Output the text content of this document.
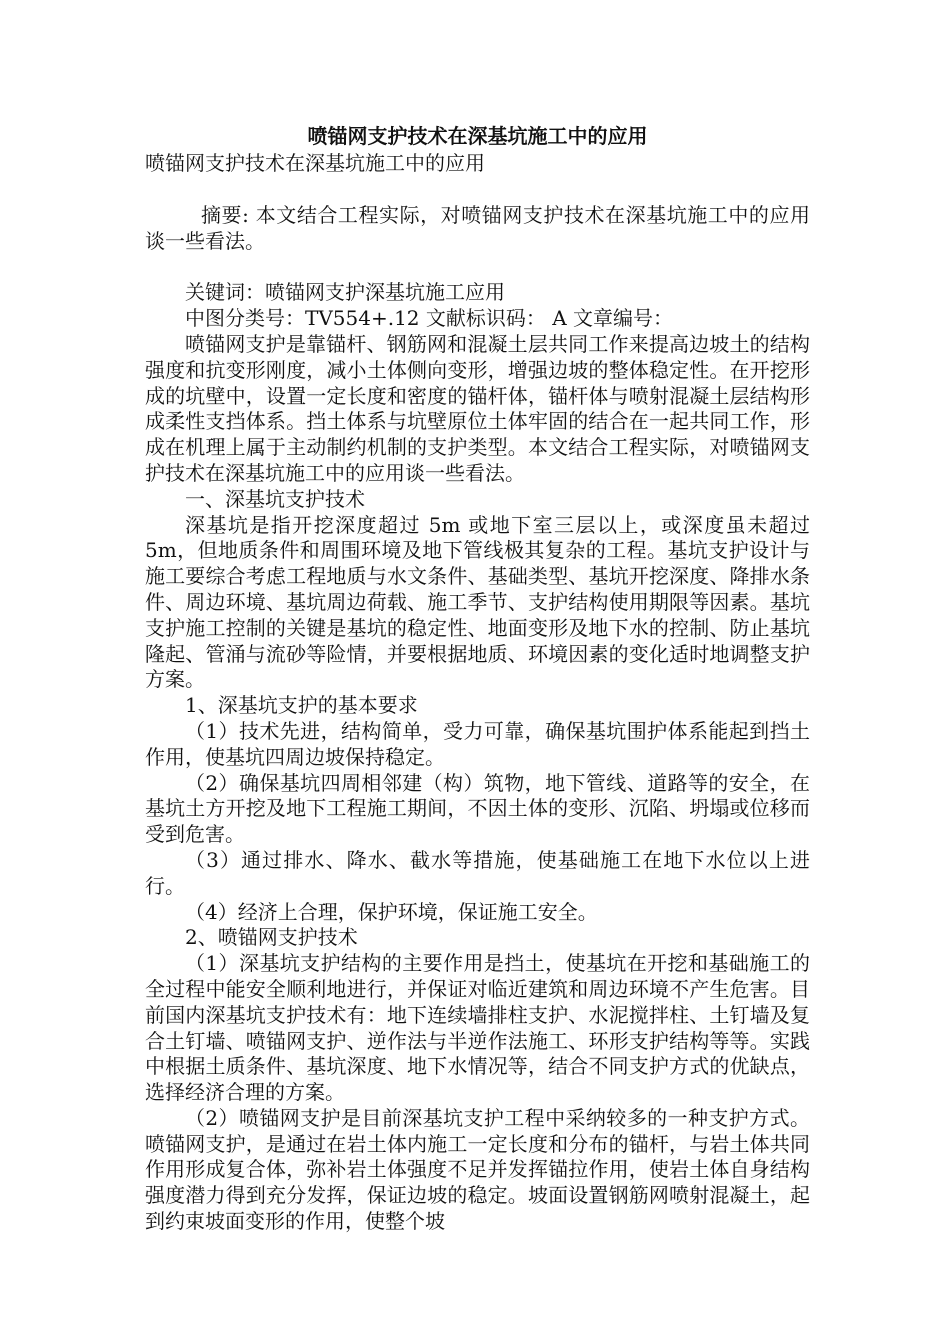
喷锚网支护技术在深基坑施工中的应用

喷锚网支护技术在深基坑施工中的应用

摘要: 本文结合工程实际，对喷锚网支护技术在深基坑施工中的应用谈一些看法。

关键词：喷锚网支护深基坑施工应用

中图分类号：TV554+.12 文献标识码： A 文章编号：

喷锚网支护是靠锚杆、钢筋网和混凝土层共同工作来提高边坡土的结构强度和抗变形刚度，减小土体侧向变形，增强边坡的整体稳定性。在开挖形成的坑壁中，设置一定长度和密度的锚杆体，锚杆体与喷射混凝土层结构形成柔性支挡体系。挡土体系与坑壁原位土体牢固的结合在一起共同工作，形成在机理上属于主动制约机制的支护类型。本文结合工程实际，对喷锚网支护技术在深基坑施工中的应用谈一些看法。

一、深基坑支护技术

深基坑是指开挖深度超过 5m 或地下室三层以上，或深度虽未超过 5m，但地质条件和周围环境及地下管线极其复杂的工程。基坑支护设计与施工要综合考虑工程地质与水文条件、基础类型、基坑开挖深度、降排水条件、周边环境、基坑周边荷载、施工季节、支护结构使用期限等因素。基坑支护施工控制的关键是基坑的稳定性、地面变形及地下水的控制、防止基坑隆起、管涌与流砂等险情，并要根据地质、环境因素的变化适时地调整支护方案。

1、深基坑支护的基本要求

（1）技术先进，结构简单，受力可靠，确保基坑围护体系能起到挡土作用，使基坑四周边坡保持稳定。

（2）确保基坑四周相邻建（构）筑物，地下管线、道路等的安全，在基坑土方开挖及地下工程施工期间，不因土体的变形、沉陷、坍塌或位移而受到危害。

（3）通过排水、降水、截水等措施，使基础施工在地下水位以上进行。

（4）经济上合理，保护环境，保证施工安全。

2、喷锚网支护技术

（1）深基坑支护结构的主要作用是挡土，使基坑在开挖和基础施工的全过程中能安全顺利地进行，并保证对临近建筑和周边环境不产生危害。目前国内深基坑支护技术有：地下连续墙排柱支护、水泥搅拌柱、土钉墙及复合土钉墙、喷锚网支护、逆作法与半逆作法施工、环形支护结构等等。实践中根据土质条件、基坑深度、地下水情况等，结合不同支护方式的优缺点，选择经济合理的方案。

（2）喷锚网支护是目前深基坑支护工程中采纳较多的一种支护方式。喷锚网支护，是通过在岩土体内施工一定长度和分布的锚杆，与岩土体共同作用形成复合体，弥补岩土体强度不足并发挥锚拉作用，使岩土体自身结构强度潜力得到充分发挥，保证边坡的稳定。坡面设置钢筋网喷射混凝土，起到约束坡面变形的作用，使整个坡
